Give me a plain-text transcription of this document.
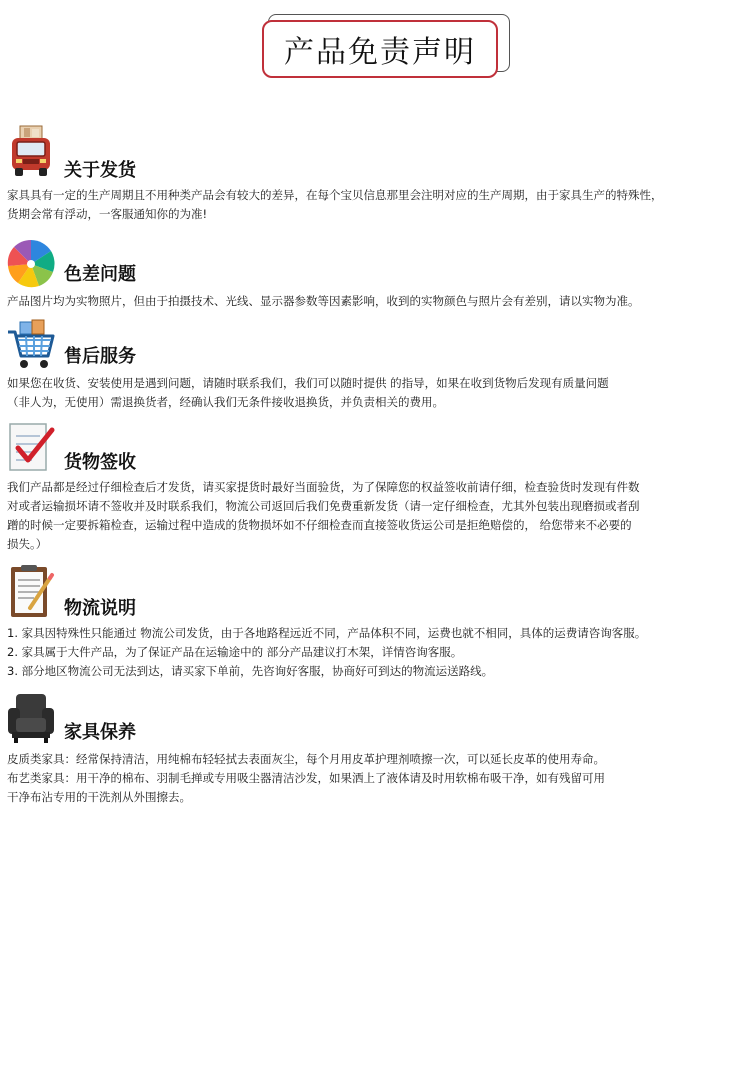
产品免责声明
关于发货

家具具有一定的生产周期且不用种类产品会有较大的差异，在每个宝贝信息那里会注明对应的生产周期，由于家具生产的特殊性，

货期会常有浮动，一客服通知你的为准!

色差问题

产品图片均为实物照片，但由于拍摄技术、光线、显示器参数等因素影响，收到的实物颜色与照片会有差别，请以实物为准。

售后服务

如果您在收货、安装使用是遇到问题，请随时联系我们，我们可以随时提供 的指导，如果在收到货物后发现有质量问题

（非人为，无使用）需退换货者，经确认我们无条件接收退换货，并负责相关的费用。

货物签收

我们产品都是经过仔细检查后才发货，请买家提货时最好当面验货，为了保障您的权益签收前请仔细，检查验货时发现有件数

对或者运输损坏请不签收并及时联系我们，物流公司返回后我们免费重新发货（请一定仔细检查，尤其外包装出现磨损或者刮

蹭的时候一定要拆箱检查，运输过程中造成的货物损坏如不仔细检查而直接签收货运公司是拒绝赔偿的， 给您带来不必要的

损失。）

物流说明

1. 家具因特殊性只能通过 物流公司发货，由于各地路程远近不同，产品体积不同，运费也就不相同，具体的运费请咨询客服。

2. 家具属于大件产品，为了保证产品在运输途中的 部分产品建议打木架，详情咨询客服。

3. 部分地区物流公司无法到达，请买家下单前，先咨询好客服，协商好可到达的物流运送路线。

家具保养

皮质类家具：经常保持清洁，用纯棉布轻轻拭去表面灰尘，每个月用皮革护理剂喷擦一次，可以延长皮革的使用寿命。

布艺类家具：用干净的棉布、羽制毛掸或专用吸尘器清洁沙发，如果洒上了液体请及时用软棉布吸干净，如有残留可用

干净布沾专用的干洗剂从外围擦去。
